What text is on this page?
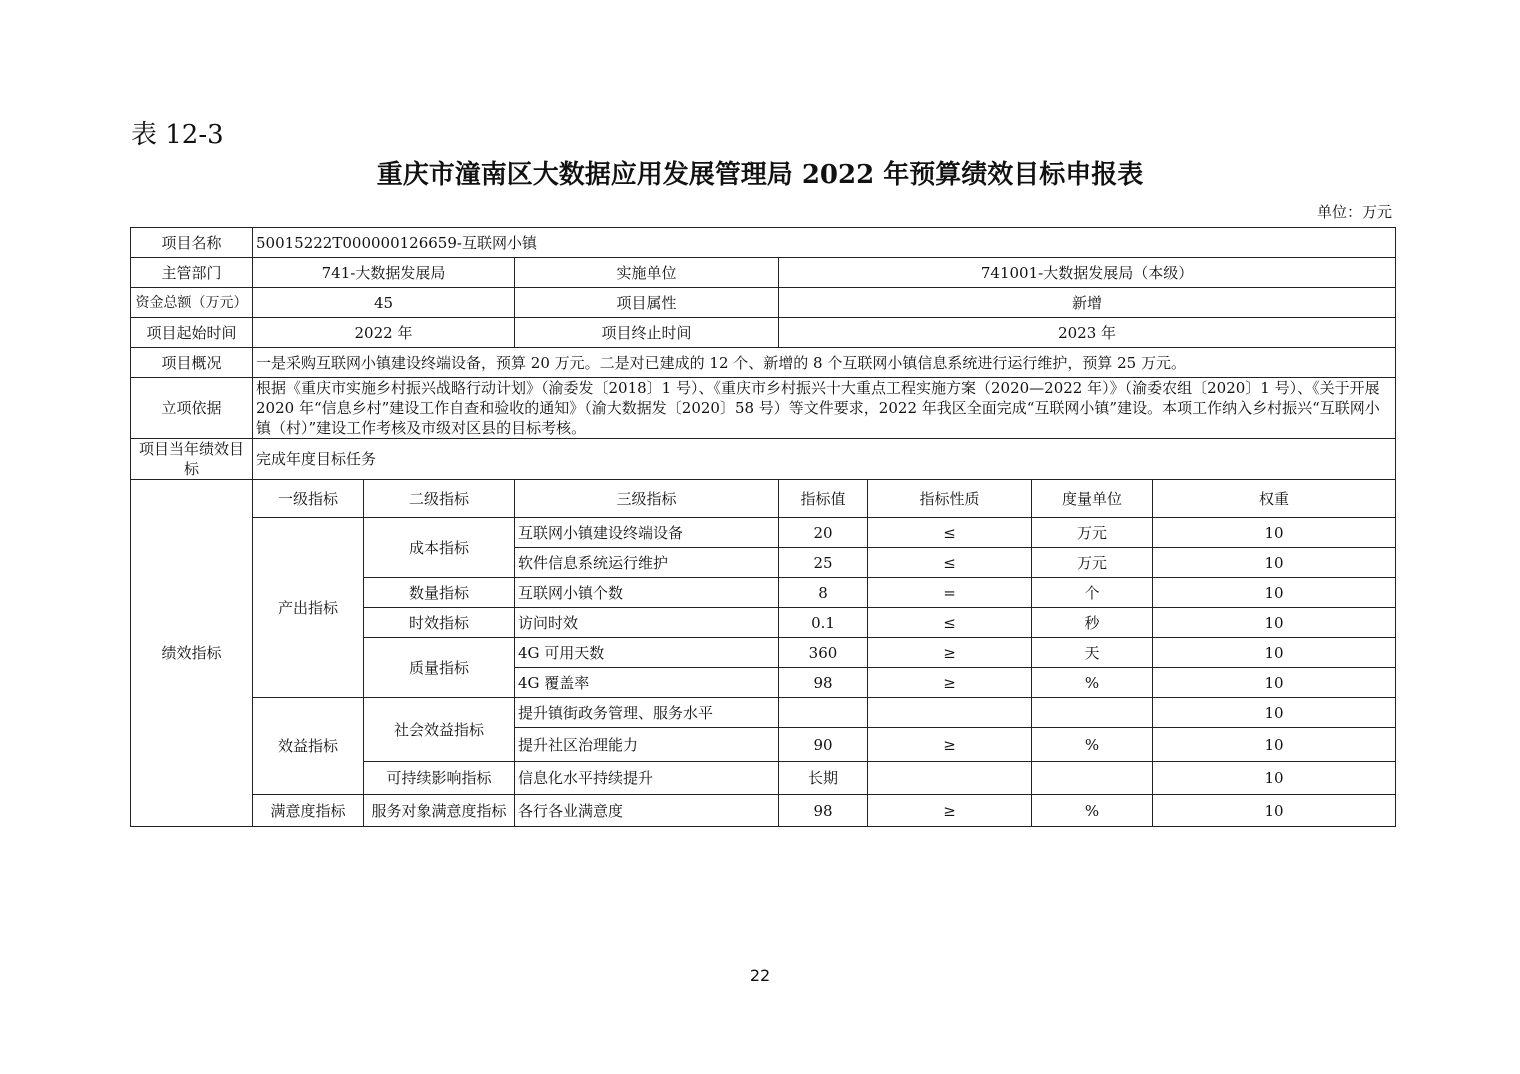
表 12-3
重庆市潼南区大数据应用发展管理局 2022 年预算绩效目标申报表
单位：万元
项目名称	50015222T000000126659-互联网小镇						
主管部门	741-大数据发展局		实施单位	741001-大数据发展局（本级）			
资金总额（万元）	45		项目属性	新增			
项目起始时间	2022 年		项目终止时间	2023 年			
项目概况	一是采购互联网小镇建设终端设备，预算 20 万元。二是对已建成的 12 个、新增的 8 个互联网小镇信息系统进行运行维护，预算 25 万元。						
立项依据	根据《重庆市实施乡村振兴战略行动计划》（渝委发〔2018〕1 号）、《重庆市乡村振兴十大重点工程实施方案（2020—2022 年）》（渝委农组〔2020〕1 号）、《关于开展 2020 年“信息乡村”建设工作自查和验收的通知》（渝大数据发〔2020〕58 号）等文件要求，2022 年我区全面完成“互联网小镇”建设。本项工作纳入乡村振兴“互联网小镇（村）”建设工作考核及市级对区县的目标考核。						
项目当年绩效目标	完成年度目标任务						
绩效指标	一级指标	二级指标	三级指标	指标值	指标性质	度量单位	权重
	产出指标	成本指标	互联网小镇建设终端设备	20	≤	万元	10
			软件信息系统运行维护	25	≤	万元	10
		数量指标	互联网小镇个数	8	=	个	10
		时效指标	访问时效	0.1	≤	秒	10
		质量指标	4G 可用天数	360	≥	天	10
			4G 覆盖率	98	≥	%	10
	效益指标	社会效益指标	提升镇街政务管理、服务水平				10
			提升社区治理能力	90	≥	%	10
		可持续影响指标	信息化水平持续提升	长期			10
	满意度指标	服务对象满意度指标	各行各业满意度	98	≥	%	10
22
